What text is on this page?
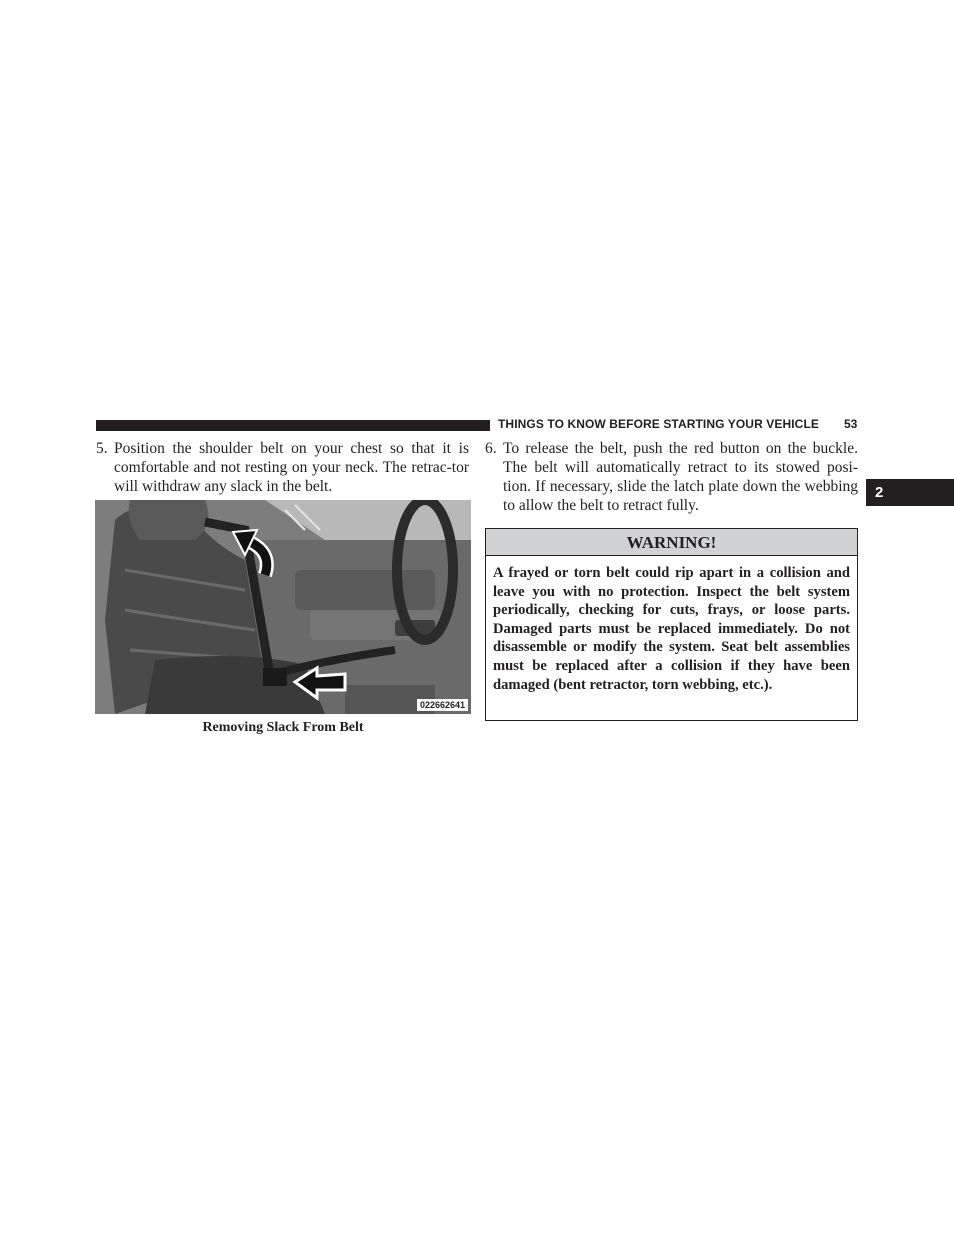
THINGS TO KNOW BEFORE STARTING YOUR VEHICLE 53
2
5. Position the shoulder belt on your chest so that it is comfortable and not resting on your neck. The retrac-tor will withdraw any slack in the belt.
022662641
Removing Slack From Belt
6. To release the belt, push the red button on the buckle. The belt will automatically retract to its stowed posi-tion. If necessary, slide the latch plate down the webbing to allow the belt to retract fully.
WARNING!
A frayed or torn belt could rip apart in a collision and leave you with no protection. Inspect the belt system periodically, checking for cuts, frays, or loose parts. Damaged parts must be replaced immediately. Do not disassemble or modify the system. Seat belt assemblies must be replaced after a collision if they have been damaged (bent retractor, torn webbing, etc.).
